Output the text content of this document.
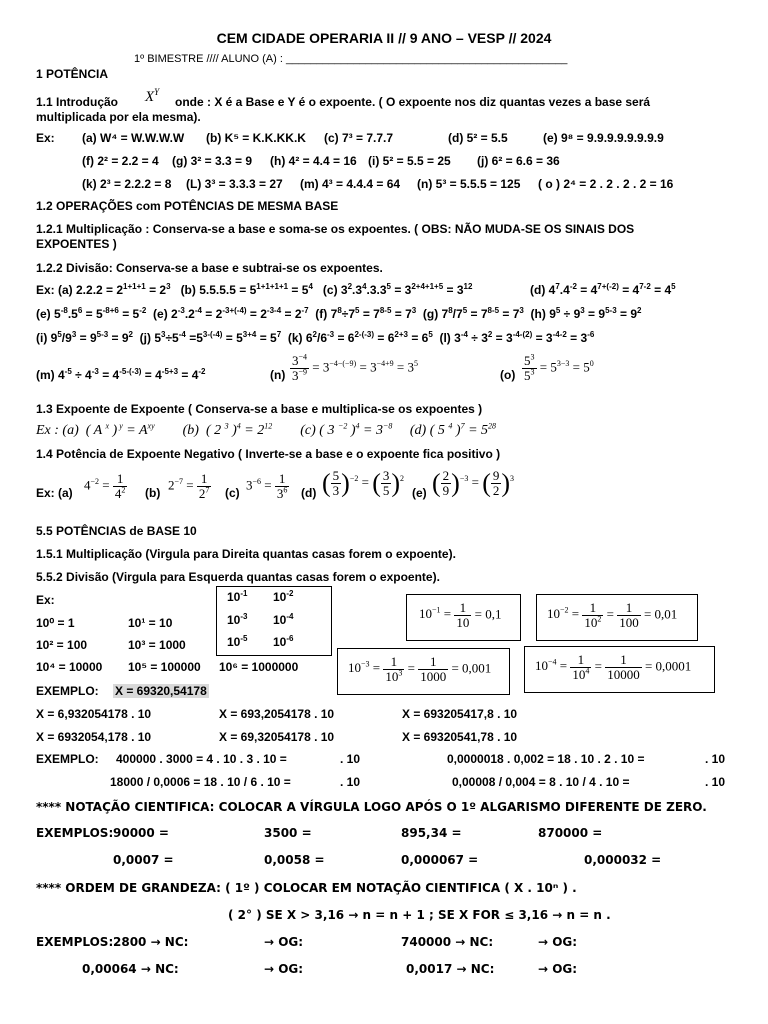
CEM CIDADE OPERARIA II // 9 ANO – VESP // 2024
1º BIMESTRE //// ALUNO (A) : ______________________________________________
1 POTÊNCIA
1.1 Introdução $X^Y$
onde : X é a Base e Y é o expoente. ( O expoente nos diz quantas vezes a base será
multiplicada por ela mesma).
Ex: (a) W⁴ = W.W.W.W (b) K⁵ = K.K.KK.K (c) 7³ = 7.7.7	(d) 5² = 5.5	(e) 9⁸ = 9.9.9.9.9.9.9.9
(f) 2² = 2.2 = 4 (g) 3² = 3.3 = 9 (h) 4² = 4.4 = 16 (i) 5² = 5.5 = 25 (j) 6² = 6.6 = 36
(k) 2³ = 2.2.2 = 8 (L) 3³ = 3.3.3 = 27 (m) 4³ = 4.4.4 = 64 (n) 5³ = 5.5.5 = 125 ( o ) 2⁴ = 2 . 2 . 2 . 2 = 16
1.2 OPERAÇÕES com POTÊNCIAS DE MESMA BASE
1.2.1 Multiplicação : Conserva-se a base e soma-se os expoentes. ( OBS: NÃO MUDA-SE OS SINAIS DOS
EXPOENTES )
1.2.2 Divisão: Conserva-se a base e subtrai-se os expoentes.
Ex: (a) $2.2.2 = 2^{1+1+1} = 2^3$   (b) $5.5.5.5 = 5^{1+1+1+1} = 5^4$   (c) $3^2.3^4.3.3^5 = 3^{2+4+1+5} = 3^{12}$	(d) $4^7.4^{-2} = 4^{7+(-2)} = 4^{7-2} = 4^5$
(e) $5^{-8}.5^6 = 5^{-8+6} = 5^{-2}$  (e) $2^{-3}.2^{-4} = 2^{-3+(-4)} = 2^{-3-4} = 2^{-7}$  (f) $7^8\div 7^5 = 7^{8-5} = 7^3$  (g) $7^8/7^5 = 7^{8-5} = 7^3$  (h) $9^5 \div 9^3 = 9^{5-3} = 9^2$
(i) $9^5/9^3 = 9^{5-3} = 9^2$  (j) $5^3\div 5^{-4} =5^{3-(-4)} = 5^{3+4} = 5^7$  (k) $6^2/6^{-3} = 6^{2-(-3)} = 6^{2+3} = 6^5$  (l) $3^{-4} \div 3^2 = 3^{-4-(2)} = 3^{-4-2} = 3^{-6}$
(m) $4^{-5} \div 4^{-3} = 4^{-5-(-3)} = 4^{-5+3} = 4^{-2}$	$(n) \frac{3^{-4}}{3^{-9}} = 3^{-4-(-9)} = 3^{-4+9} = 3^5$
$(o) \frac{5^3}{5^3} = 5^{3-3} = 5^0$
1.3 Expoente de Expoente ( Conserva-se a base e multiplica-se os expoentes )
Ex : (a)  ( A $^x$ ) $^y = A^{xy}$        (b)  ( 2 $^3$ )$^4 = 2^{12}$        (c) ( 3 $^{-2}$ )$^4 = 3^{-8}$     (d) ( 5 $^4$ )$^7 = 5^{28}$
1.4 Potência de Expoente Negativo ( Inverte-se a base e o expoente fica positivo )
Ex: (a)
$4^{-2} = \frac{1}{4^2} (b)$
$2^{-7} = \frac{1}{2^7} (c)$
$3^{-6} = \frac{1}{3^6} (d)$ ( $\frac{5}{3} )^{-2}$ = ( $\frac{3}{5} )^2$
(e) ( $\frac{2}{9} )^{-3}$ = ( $\frac{9}{2} )^3$
5.5 POTÊNCIAS de BASE 10
1.5.1 Multiplicação (Virgula para Direita quantas casas forem o expoente).
5.5.2 Divisão (Virgula para Esquerda quantas casas forem o expoente).
Ex:
10⁰ = 1	10¹ = 10
10² = 100	10³ = 1000
10⁴ = 10000 10⁵ = 100000 10⁶ = 1000000
$10^{-1}$ $10^{-2}$
$10^{-3}$ $10^{-4}$
$10^{-5}$ $10^{-6}$
$10^{-1} = \frac{1}{10} = 0,1$	$10^{-2} = \frac{1}{10^2} = \frac{1}{100} = 0,01$
$10^{-3} = \frac{1}{10^3} = \frac{1}{1000} = 0,001$	$10^{-4} = \frac{1}{10^4} = \frac{1}{10000} = 0,0001$
EXEMPLO: X = 69320,54178
X = 6,932054178 . 10	X = 693,2054178 . 10	X = 693205417,8 . 10
X = 6932054,178 . 10	X = 69,32054178 . 10	X = 69320541,78 . 10
EXEMPLO: 400000 . 3000 = 4 . 10 . 3 . 10 =	. 10	0,0000018 . 0,002 = 18 . 10 . 2 . 10 =	. 10
18000 / 0,0006 = 18 . 10 / 6 . 10 =	. 10	0,00008 / 0,004 = 8 . 10 / 4 . 10 =	. 10
**** NOTAÇÃO CIENTIFICA: COLOCAR A VÍRGULA LOGO APÓS O 1º ALGARISMO DIFERENTE DE ZERO.
EXEMPLOS: 90000 =	3500 =	895,34 =	870000 =
0,0007 =	0,0058 =	0,000067 =	0,000032 =
**** ORDEM DE GRANDEZA: ( 1º ) COLOCAR EM NOTAÇÃO CIENTIFICA ( X . 10ⁿ ) .
( 2° ) SE X > 3,16 → n = n + 1 ; SE X FOR ≤ 3,16 → n = n .
EXEMPLOS: 2800 → NC:	→ OG:	740000 → NC:	→ OG:
0,00064 → NC:	→ OG:	0,0017 → NC:	→ OG:
